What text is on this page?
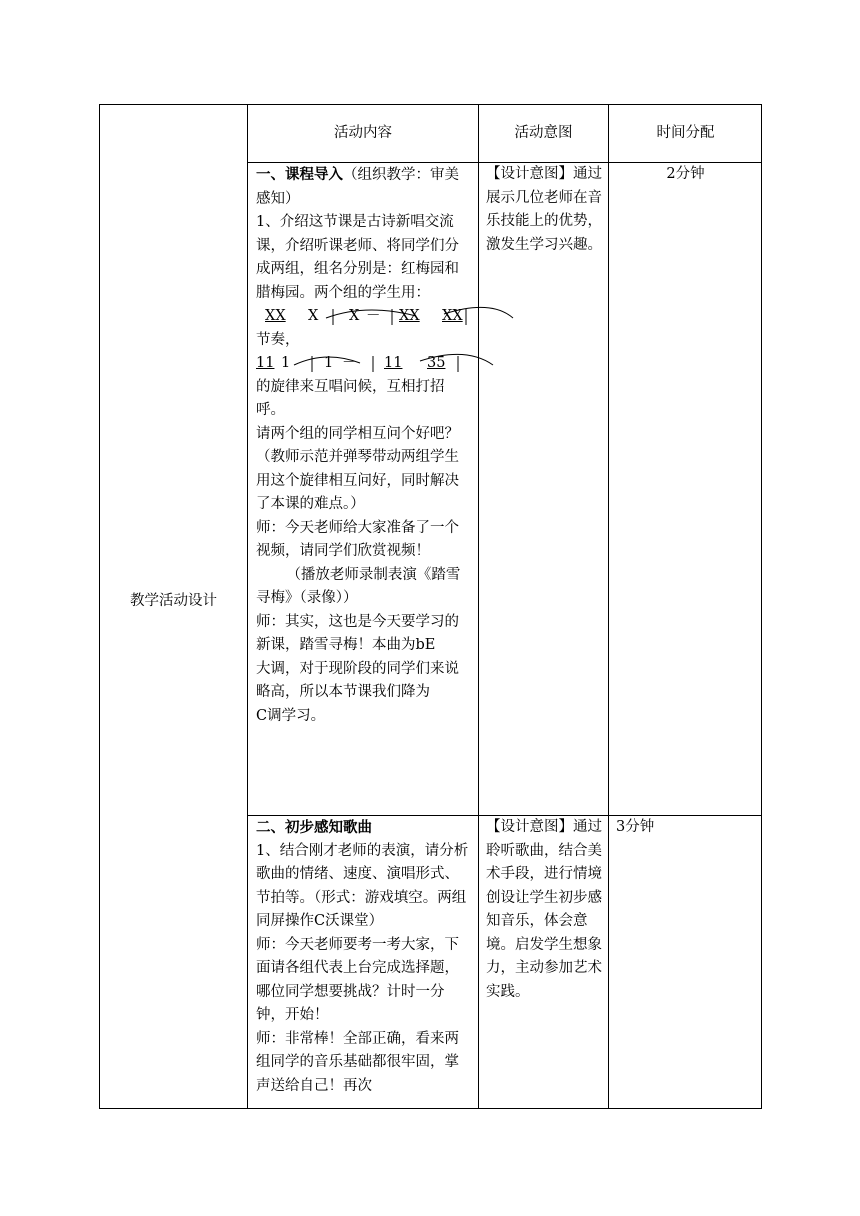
教学活动设计
活动内容	活动意图	时间分配
一、课程导入（组织教学：审美感知）
1、介绍这节课是古诗新唱交流课，介绍听课老师、将同学们分成两组，组名分别是：红梅园和腊梅园。两个组的学生用：

XX

X

X

－

XX

XX

节奏，

11

1

1

－

11

35

的旋律来互唱问候，互相打招呼。
请两个组的同学相互问个好吧？（教师示范并弹琴带动两组学生用这个旋律相互问好，同时解决了本课的难点。）
师：今天老师给大家准备了一个视频，请同学们欣赏视频！
（播放老师录制表演《踏雪寻梅》（录像））
师：其实，这也是今天要学习的新课，踏雪寻梅！本曲为bE
大调，对于现阶段的同学们来说略高，所以本节课我们降为
C调学习。
【设计意图】通过展示几位老师在音乐技能上的优势，激发生学习兴趣。
2分钟
二、初步感知歌曲
1、结合刚才老师的表演，请分析歌曲的情绪、速度、演唱形式、节拍等。（形式：游戏填空。两组同屏操作C沃课堂）
师：今天老师要考一考大家，下面请各组代表上台完成选择题，哪位同学想要挑战？计时一分钟，开始！
师：非常棒！全部正确，看来两组同学的音乐基础都很牢固，掌声送给自己！再次
【设计意图】通过聆听歌曲，结合美术手段，进行情境创设让学生初步感知音乐，体会意境。启发学生想象力，主动参加艺术实践。
3分钟
